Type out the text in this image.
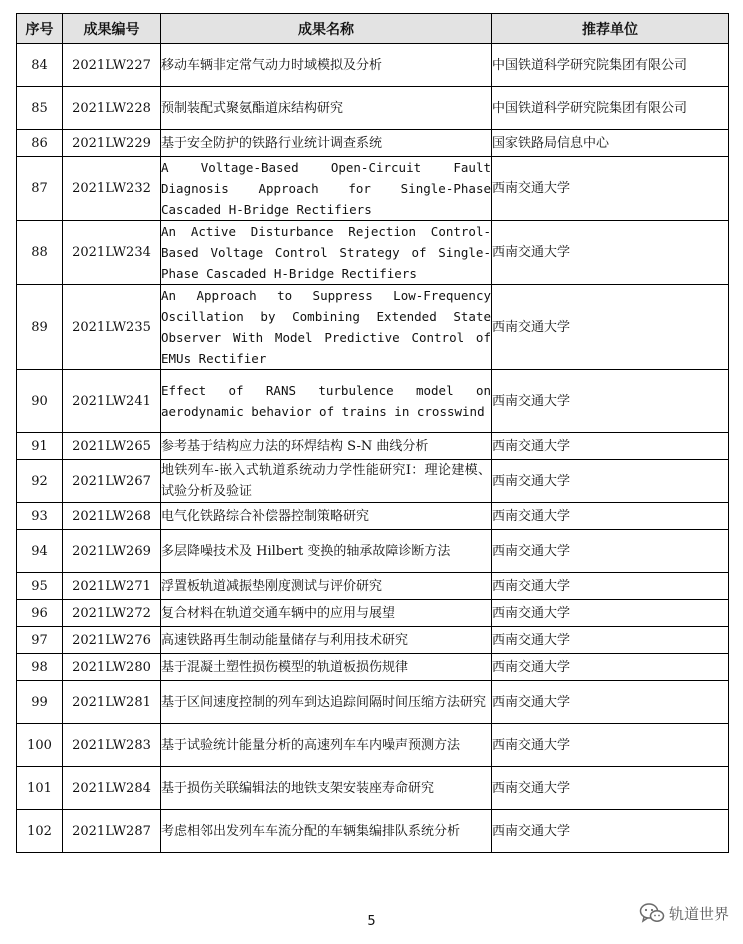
序号	成果编号	成果名称	推荐单位
84	2021LW227	移动车辆非定常气动力时域模拟及分析	中国铁道科学研究院集团有限公司
85	2021LW228	预制装配式聚氨酯道床结构研究	中国铁道科学研究院集团有限公司
86	2021LW229	基于安全防护的铁路行业统计调查系统	国家铁路局信息中心
87	2021LW232	A Voltage-Based Open-Circuit Fault Diagnosis Approach for Single-Phase Cascaded H-Bridge Rectifiers	西南交通大学
88	2021LW234	An Active Disturbance Rejection Control-Based Voltage Control Strategy of Single-Phase Cascaded H-Bridge Rectifiers	西南交通大学
89	2021LW235	An Approach to Suppress Low-Frequency Oscillation by Combining Extended State Observer With Model Predictive Control of EMUs Rectifier	西南交通大学
90	2021LW241	Effect of RANS turbulence model on aerodynamic behavior of trains in crosswind	西南交通大学
91	2021LW265	参考基于结构应力法的环焊结构 S-N 曲线分析	西南交通大学
92	2021LW267	地铁列车-嵌入式轨道系统动力学性能研究Ⅰ：理论建模、试验分析及验证	西南交通大学
93	2021LW268	电气化铁路综合补偿器控制策略研究	西南交通大学
94	2021LW269	多层降噪技术及 Hilbert 变换的轴承故障诊断方法	西南交通大学
95	2021LW271	浮置板轨道减振垫刚度测试与评价研究	西南交通大学
96	2021LW272	复合材料在轨道交通车辆中的应用与展望	西南交通大学
97	2021LW276	高速铁路再生制动能量储存与利用技术研究	西南交通大学
98	2021LW280	基于混凝土塑性损伤模型的轨道板损伤规律	西南交通大学
99	2021LW281	基于区间速度控制的列车到达追踪间隔时间压缩方法研究	西南交通大学
100	2021LW283	基于试验统计能量分析的高速列车车内噪声预测方法	西南交通大学
101	2021LW284	基于损伤关联编辑法的地铁支架安装座寿命研究	西南交通大学
102	2021LW287	考虑相邻出发列车车流分配的车辆集编排队系统分析	西南交通大学
5	轨道世界
